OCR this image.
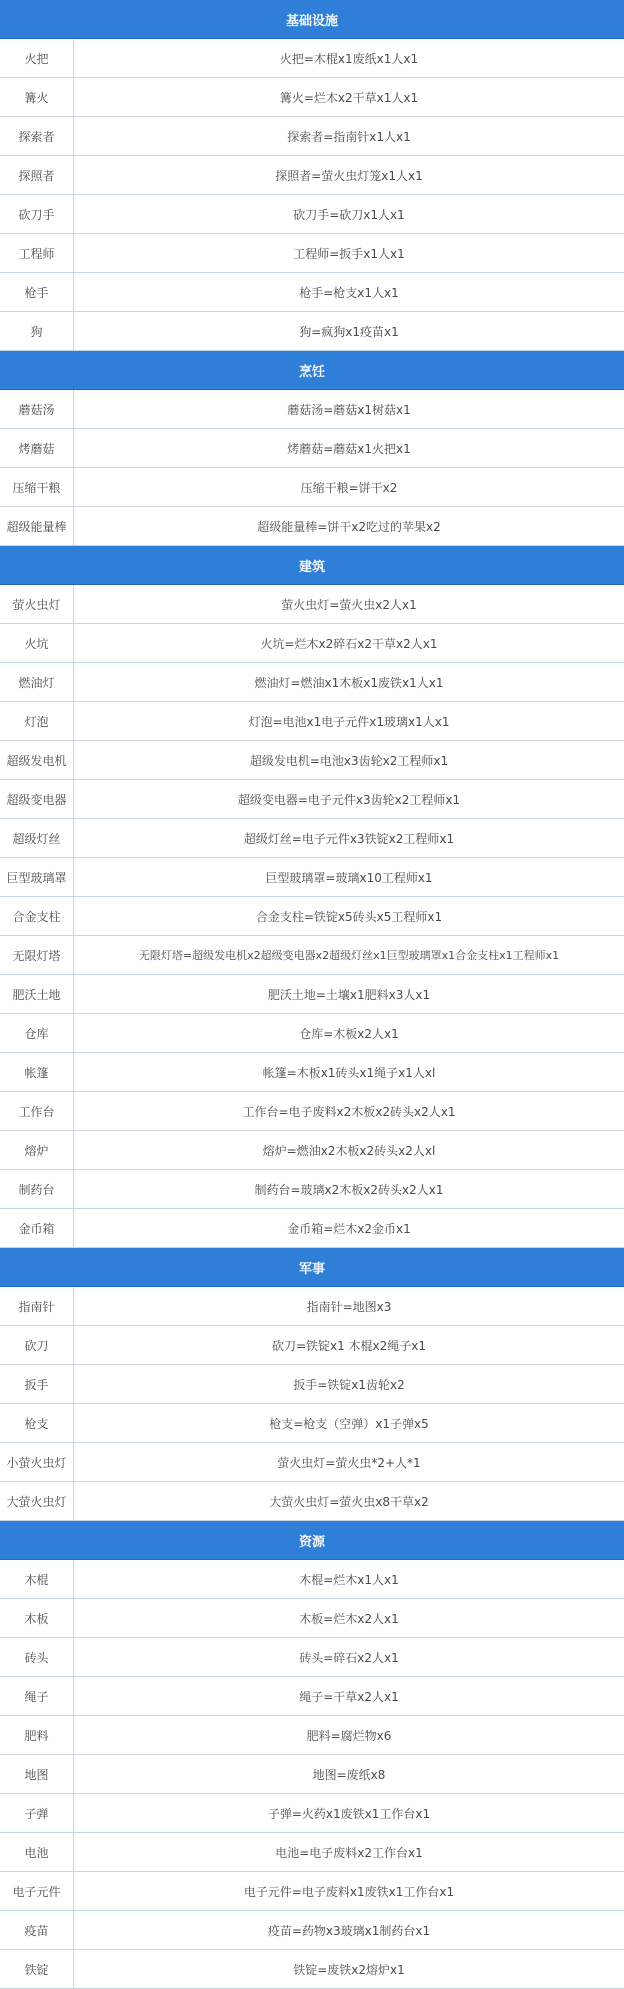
基础设施
火把	火把=木棍x1废纸x1人x1
篝火	篝火=烂木x2干草x1人x1
探索者	探索者=指南针x1人x1
探照者	探照者=萤火虫灯笼x1人x1
砍刀手	砍刀手=砍刀x1人x1
工程师	工程师=扳手x1人x1
枪手	枪手=枪支x1人x1
狗	狗=疯狗x1疫苗x1
烹饪
蘑菇汤	蘑菇汤=蘑菇x1树菇x1
烤蘑菇	烤蘑菇=蘑菇x1火把x1
压缩干粮	压缩干粮=饼干x2
超级能量棒	超级能量棒=饼干x2吃过的苹果x2
建筑
萤火虫灯	萤火虫灯=萤火虫x2人x1
火坑	火坑=烂木x2碎石x2干草x2人x1
燃油灯	燃油灯=燃油x1木板x1废铁x1人x1
灯泡	灯泡=电池x1电子元件x1玻璃x1人x1
超级发电机	超级发电机=电池x3齿轮x2工程师x1
超级变电器	超级变电器=电子元件x3齿轮x2工程师x1
超级灯丝	超级灯丝=电子元件x3铁锭x2工程师x1
巨型玻璃罩	巨型玻璃罩=玻璃x10工程师x1
合金支柱	合金支柱=铁锭x5砖头x5工程师x1
无限灯塔	无限灯塔=超级发电机x2超级变电器x2超级灯丝x1巨型玻璃罩x1合金支柱x1工程师x1
肥沃土地	肥沃土地=土壤x1肥料x3人x1
仓库	仓库=木板x2人x1
帐篷	帐篷=木板x1砖头x1绳子x1人xl
工作台	工作台=电子废料x2木板x2砖头x2人x1
熔炉	熔炉=燃油x2木板x2砖头x2人xl
制药台	制药台=玻璃x2木板x2砖头x2人x1
金币箱	金币箱=烂木x2金币x1
军事
指南针	指南针=地图x3
砍刀	砍刀=铁锭x1 木棍x2绳子x1
扳手	扳手=铁锭x1齿轮x2
枪支	枪支=枪支（空弹）x1子弹x5
小萤火虫灯	萤火虫灯=萤火虫*2+人*1
大萤火虫灯	大萤火虫灯=萤火虫x8干草x2
资源
木棍	木棍=烂木x1人x1
木板	木板=烂木x2人x1
砖头	砖头=碎石x2人x1
绳子	绳子=干草x2人x1
肥料	肥料=腐烂物x6
地图	地图=废纸x8
子弹	子弹=火药x1废铁x1工作台x1
电池	电池=电子废料x2工作台x1
电子元件	电子元件=电子废料x1废铁x1工作台x1
疫苗	疫苗=药物x3玻璃x1制药台x1
铁锭	铁锭=废铁x2熔炉x1
